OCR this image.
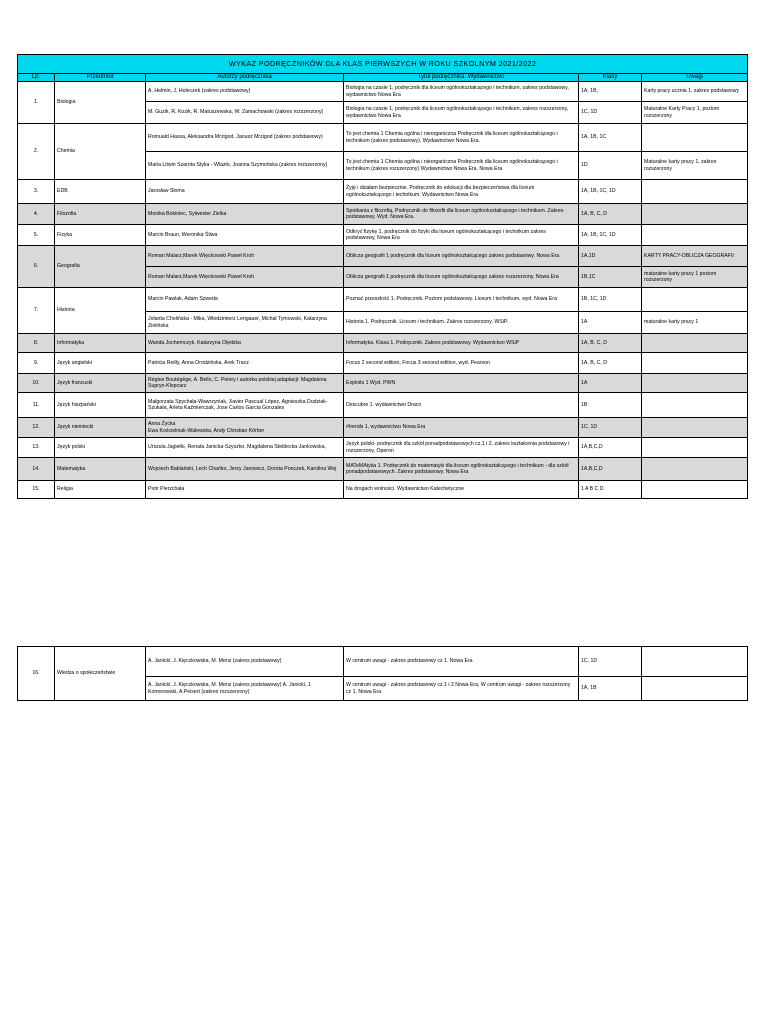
WYKAZ PODRĘCZNIKÓW DLA KLAS PIERWSZYCH W ROKU SZKOLNYM 2021/2022					
Lp.	Przedmiot	Autorzy podręcznika	Tytuł podręcznika. Wydawnictwo	Klasy	Uwagi
1.	Biologia	A. Helmin, J. Holeczek (zakres podstawowy)	Biologia na czasie 1, podręcznik dla liceum ogólnokształcącego i technikum, zakres podstawowy, wydawnictwo Nowa Era	1A, 1B,	Karty pracy ucznia 1, zakres podstawowy
		M. Guzik, R. Kozik, R. Matuszewska, W. Zamachowski (zakres rozszerzony)	Biologia na czasie 1, podręcznik dla liceum ogólnokształcącego i technikum, zakres rozszerzony, wydawnictwo Nowa Era	1C, 1D	Maturalne Karty Pracy 1, poziom rozszerzony
2.	Chemia	Romuald Hassa, Aleksandra Mrzigod, Janusz Mrzigod (zakres podstawowy)	To jest chemia 1 Chemia ogólna i nieorganiczna Podręcznik dla liceum ogólnokształcącego i technikum (zakres podstawowy). Wydawnictwo Nowa Era.	1A, 1B, 1C	
		Maria Litwin Szarota Styka - Wlazło, Joanna Szymońska (zakres rozszerzony)	To jest chemia 1 Chemia ogólna i nieorganiczna Podręcznik dla liceum ogólnokształcącego i technikum (zakres rozszerzony) Wydawnictwo Nowa Era. Nowa Era	1D	Maturalne karty pracy 1, zakres rozszerzony
3.	EDB	Jarosław Słoma	Żyję i działam bezpiecznie. Podręcznik do edukacji dla bezpieczeństwa dla liceum ogólnokształcącego i technikum. Wydawnictwo Nowa Era	1A, 1B, 1C, 1D	
4.	Filozofia	Monika Bokiniec, Sylwester Zielka	Spotkania z filozofią, Podręcznik do filozofii dla liceum ogólnokształcącego i technikum. Zakres podstawowy. Wyd. Nowa Era.	1A, B, C, D	
5.	Fizyka	Marcin Braun, Weronika Śliwa	Odkryć fizykę 1, podręcznik do fizyki dla liceum ogólnokształcącego i technikum zakres podstawowy, Nowa Era	1A, 1B, 1C, 1D	
6.	Geografia	Roman Malarz,Marek Więckowski Paweł Kroh	Oblicza geografii 1 podręcznik dla liceum ogólnokształcącego zakres podstawowy. Nowa Era	1A,1D	KARTY PRACY-OBLICZA GEOGRAFII
		Roman Malarz,Marek Więckowski Paweł Kroh	Oblicza geografii 1 podręcznik dla liceum ogólnokształcącego zakres rozszerzony. Nowa Era	1B,1C	maturalne karty pracy 1 poziom rozszerzony
7.	Historia	Marcin Pawlak, Adam Szweda	Poznać przeszłość 1. Podręcznik. Poziom podstawowy. Liceum i technikum, wyd. Nowa Era	1B, 1C, 1D	
		Jolanta Cholińska - Mika, Włodzimierz Lengauer, Michał Tymowski, Katarzyna Zielińska	Historia 1. Podręcznik. Liceum i technikum. Zakres rozszerzony. WSiP.	1A	maturalne karty pracy 1
8.	Informatyka	Wanda Jochemczyk, Katarzyna Olędzka	Informatyka. Klasa 1. Podręcznik. Zakres podstawowy. Wydawnictwo WSiP	1A, B, C, D	
9.	Język angielski	Patricia Reilly, Anna Orodzińska, Arek Tracz	Focus 2 second edition, Focus 3 second edition, wyd. Pearson	1A, B, C, D	
10.	Język francuski	Régine Boutégège, A. Bello, C. Poirey i autorka polskiej adaptacji: Magdalena Supryn-Klepcarz	Exploits 1 Wyd. PWN	1A	
11.	Język hiszpański	Małgorzata Spychała-Wawrzyniak, Xavier Pascual López, Agnieszka Dudziak-Szukała, Arleta Kaźmierczak, Jose Carlos Garcia Gonzales	Descubre 1. wydawnictwo Draco	1B	
12.	Język niemiecki	Anna Życka
Ewa Kościelniak-Walewska, Andy Christian Körber	#trends 1, wydawnictwo Nowa Era	1C, 1D	
13.	Język polski	Urszula Jagiełło, Renata Janicka-Szyszko, Magdalena Steblecka-Jankowska,	Język polski- podręcznik dla szkół ponadpodstawowych cz.1 i 2, zakres kształcenia podstawowy i rozszerzony, Operon	1A,B,C,D	
14.	Matematyka	Wojciech Babiański, Lech Chańko, Jerzy Janowicz, Dorota Ponczek, Karolina Wej	MATeMAtyka 1. Podręcznik do matematyki dla liceum ogólnokształcącego i technikum - dla szkół ponadpodstawowych. Zakres podstawowy. Nowa Era	1A,B,C,D	
15.	Religia	Piotr Pierzchała	Na drogach wolności. Wydawnictwo Katechetyczne	1 A B C D	
16.	Wiedza o społeczeństwie	A. Janicki, J. Kięczkowska, M. Menz (zakres podstawowy)	W centrum uwagi - zakres podstawowy cz 1. Nowa Era	1C, 1D	
		A. Janicki, J. Kięczkowska, M. Menz (zakres podstawowy) A. Janicki, J. Komorowski, A.Peisert (zakres rozszerzony)	W centrum uwagi - zakres podstawowy cz.1 i 2 Nowa Era, W centrum uwagi - zakres rozszerzony cz 1. Nowa Era	1A, 1B	
